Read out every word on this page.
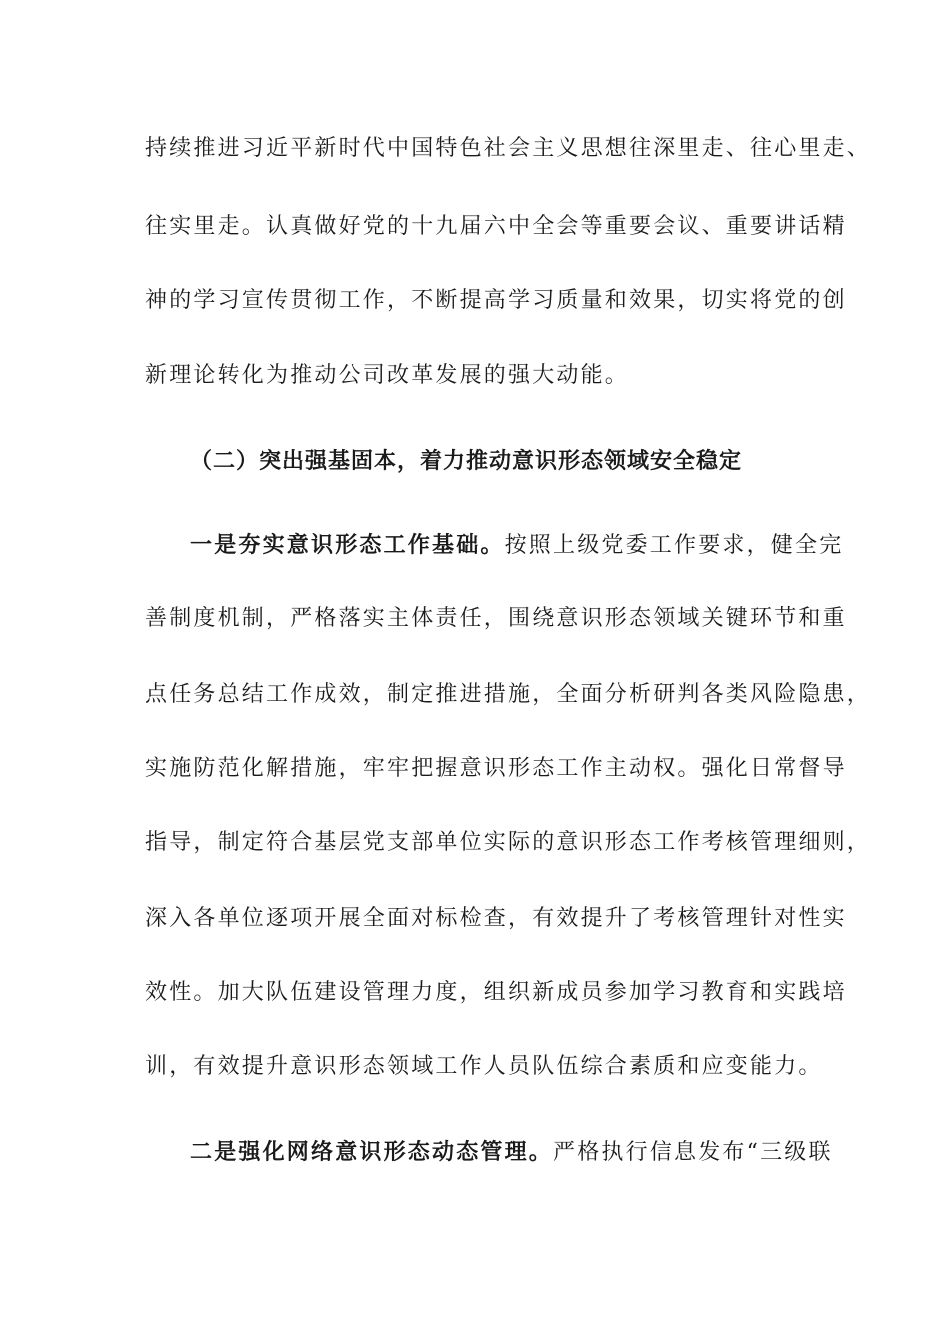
持续推进习近平新时代中国特色社会主义思想往深里走、往心里走、
往实里走。认真做好党的十九届六中全会等重要会议、重要讲话精
神的学习宣传贯彻工作，不断提高学习质量和效果，切实将党的创
新理论转化为推动公司改革发展的强大动能。
（二）突出强基固本，着力推动意识形态领域安全稳定
一是夯实意识形态工作基础。按照上级党委工作要求，健全完
善制度机制，严格落实主体责任，围绕意识形态领域关键环节和重
点任务总结工作成效，制定推进措施，全面分析研判各类风险隐患，
实施防范化解措施，牢牢把握意识形态工作主动权。强化日常督导
指导，制定符合基层党支部单位实际的意识形态工作考核管理细则，
深入各单位逐项开展全面对标检查，有效提升了考核管理针对性实
效性。加大队伍建设管理力度，组织新成员参加学习教育和实践培
训，有效提升意识形态领域工作人员队伍综合素质和应变能力。
二是强化网络意识形态动态管理。严格执行信息发布“三级联
